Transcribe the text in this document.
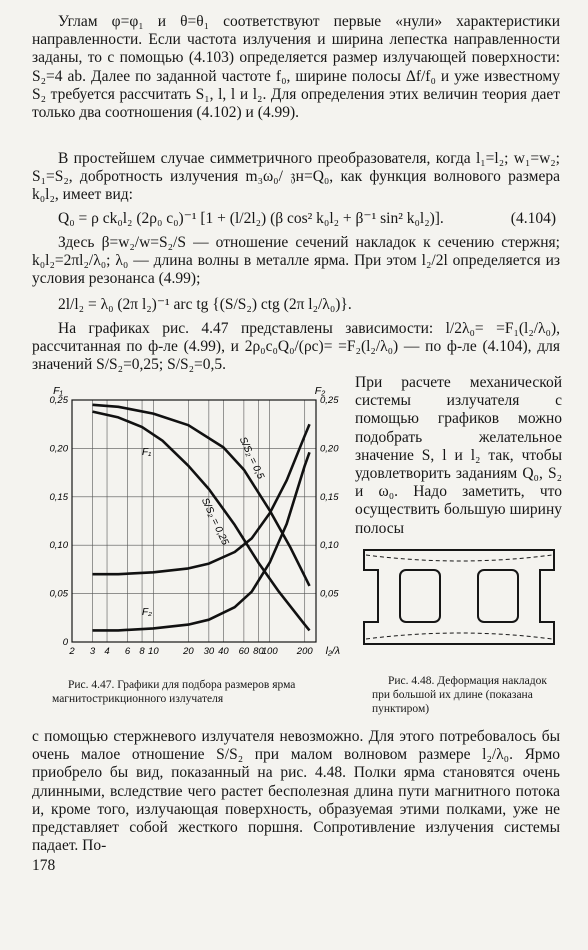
Углам φ=φ₁ и θ=θ₁ соответствуют первые «нули» характеристики направленности. Если частота излучения и ширина лепестка направленности заданы, то с помощью (4.103) определяется размер излучающей поверхности: S₂=4 ab. Далее по заданной частоте f₀, ширине полосы Δf/f₀ и уже известному S₂ требуется рассчитать S₁, l, l и l₂. Для определения этих величин теория дает только два соотношения (4.102) и (4.99).

В простейшем случае симметричного преобразователя, когда l₁=l₂; w₁=w₂; S₁=S₂, добротность излучения m₃ω₀/ 𝔷н=Q₀, как функция волнового размера k₀l₂, имеет вид:

Q₀ = ρ ck₀l₂ (2ρ₀ c₀)⁻¹ [1 + (l/2l₂) (β cos² k₀l₂ + β⁻¹ sin² k₀l₂)].	(4.104)

Здесь β=w₂/w=S₂/S — отношение сечений накладок к сечению стержня; k₀l₂=2πl₂/λ₀; λ₀ — длина волны в металле ярма. При этом l₂/2l определяется из условия резонанса (4.99);

2l/l₂ = λ₀ (2π l₂)⁻¹ arc tg {(S/S₂) ctg (2π l₂/λ₀)}.

На графиках рис. 4.47 представлены зависимости: l/2λ₀= =F₁(l₂/λ₀), рассчитанная по ф-ле (4.99), и 2ρ₀c₀Q₀/(ρc)= =F₂(l₂/λ₀) — по ф-ле (4.104), для значений S/S₂=0,25; S/S₂=0,5.

2 3 4 6 8 10	20 30 40 60 80
100 200
0
0,05
0,10
0,15
0,20
0,25
0,05
0,10
0,15
0,20
0,25
F₁	F₂
l₂/λ
F₁
F₂
S/S₂ = 0,5
S/S₂ = 0,25

При расчете механической системы излучателя с помощью графиков можно подобрать желательное значение S, l и l₂ так, чтобы удовлетворить заданиям Q₀, S₂ и ω₀. Надо заметить, что осуществить большую ширину полосы

Рис. 4.47. Графики для подбора размеров ярма магнитострикционного излучателя

Рис. 4.48. Деформация накладок при большой их длине (показана пунктиром)

с помощью стержневого излучателя невозможно. Для этого потребовалось бы очень малое отношение S/S₂ при малом волновом размере l₂/λ₀. Ярмо приобрело бы вид, показанный на рис. 4.48. Полки ярма становятся очень длинными, вследствие чего растет бесполезная длина пути магнитного потока и, кроме того, излучающая поверхность, образуемая этими полками, уже не представляет собой жесткого поршня. Сопротивление излучения системы падает. По-

178
